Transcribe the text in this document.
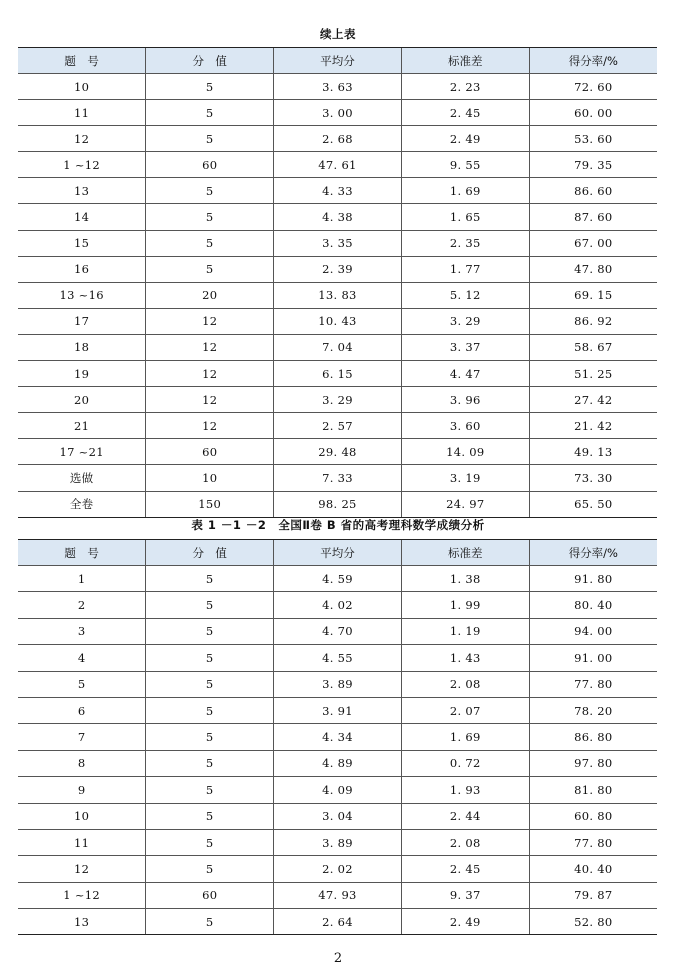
续上表
题　号	分　值	平均分	标准差	得分率/%
10	5	3. 63	2. 23	72. 60
11	5	3. 00	2. 45	60. 00
12	5	2. 68	2. 49	53. 60
1 ~12	60	47. 61	9. 55	79. 35
13	5	4. 33	1. 69	86. 60
14	5	4. 38	1. 65	87. 60
15	5	3. 35	2. 35	67. 00
16	5	2. 39	1. 77	47. 80
13 ~16	20	13. 83	5. 12	69. 15
17	12	10. 43	3. 29	86. 92
18	12	7. 04	3. 37	58. 67
19	12	6. 15	4. 47	51. 25
20	12	3. 29	3. 96	27. 42
21	12	2. 57	3. 60	21. 42
17 ~21	60	29. 48	14. 09	49. 13
选做	10	7. 33	3. 19	73. 30
全卷	150	98. 25	24. 97	65. 50
表 1 －1 －2　全国Ⅱ卷 B 省的高考理科数学成绩分析
题　号	分　值	平均分	标准差	得分率/%
1	5	4. 59	1. 38	91. 80
2	5	4. 02	1. 99	80. 40
3	5	4. 70	1. 19	94. 00
4	5	4. 55	1. 43	91. 00
5	5	3. 89	2. 08	77. 80
6	5	3. 91	2. 07	78. 20
7	5	4. 34	1. 69	86. 80
8	5	4. 89	0. 72	97. 80
9	5	4. 09	1. 93	81. 80
10	5	3. 04	2. 44	60. 80
11	5	3. 89	2. 08	77. 80
12	5	2. 02	2. 45	40. 40
1 ~12	60	47. 93	9. 37	79. 87
13	5	2. 64	2. 49	52. 80
2
